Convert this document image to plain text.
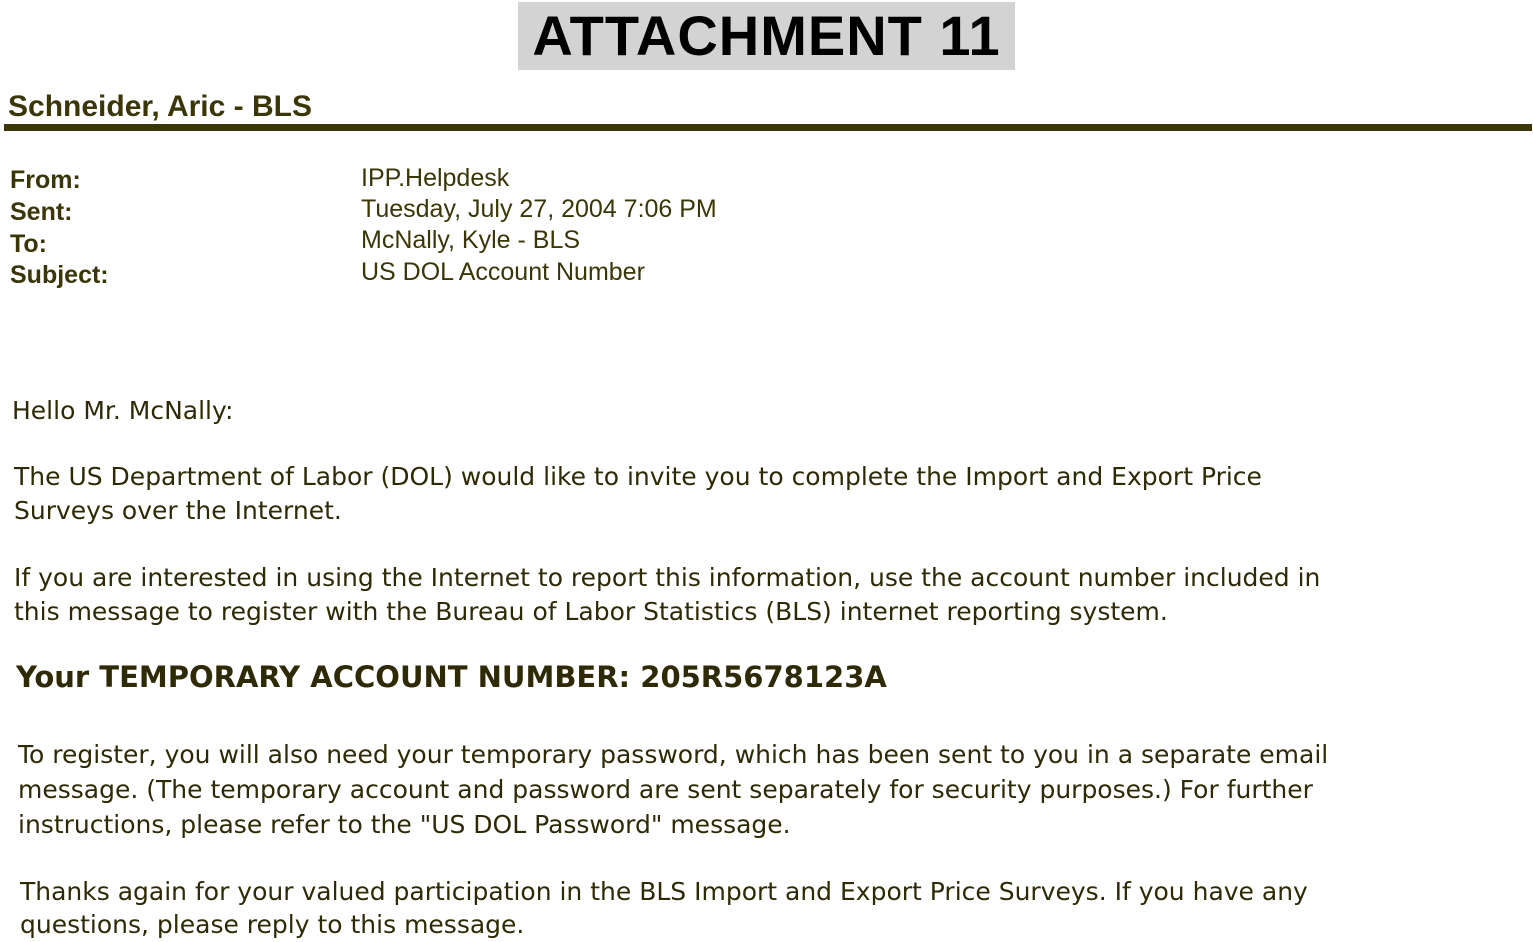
ATTACHMENT 11
Schneider, Aric - BLS
From:	IPP.Helpdesk
Sent:	Tuesday, July 27, 2004 7:06 PM
To:	McNally, Kyle - BLS
Subject:	US DOL Account Number
Hello Mr. McNally:
The US Department of Labor (DOL) would like to invite you to complete the Import and Export Price
Surveys over the Internet.
If you are interested in using the Internet to report this information, use the account number included in
this message to register with the Bureau of Labor Statistics (BLS) internet reporting system.
Your TEMPORARY ACCOUNT NUMBER: 205R5678123A
To register, you will also need your temporary password, which has been sent to you in a separate email
message. (The temporary account and password are sent separately for security purposes.) For further
instructions, please refer to the "US DOL Password" message.
Thanks again for your valued participation in the BLS Import and Export Price Surveys. If you have any
questions, please reply to this message.
